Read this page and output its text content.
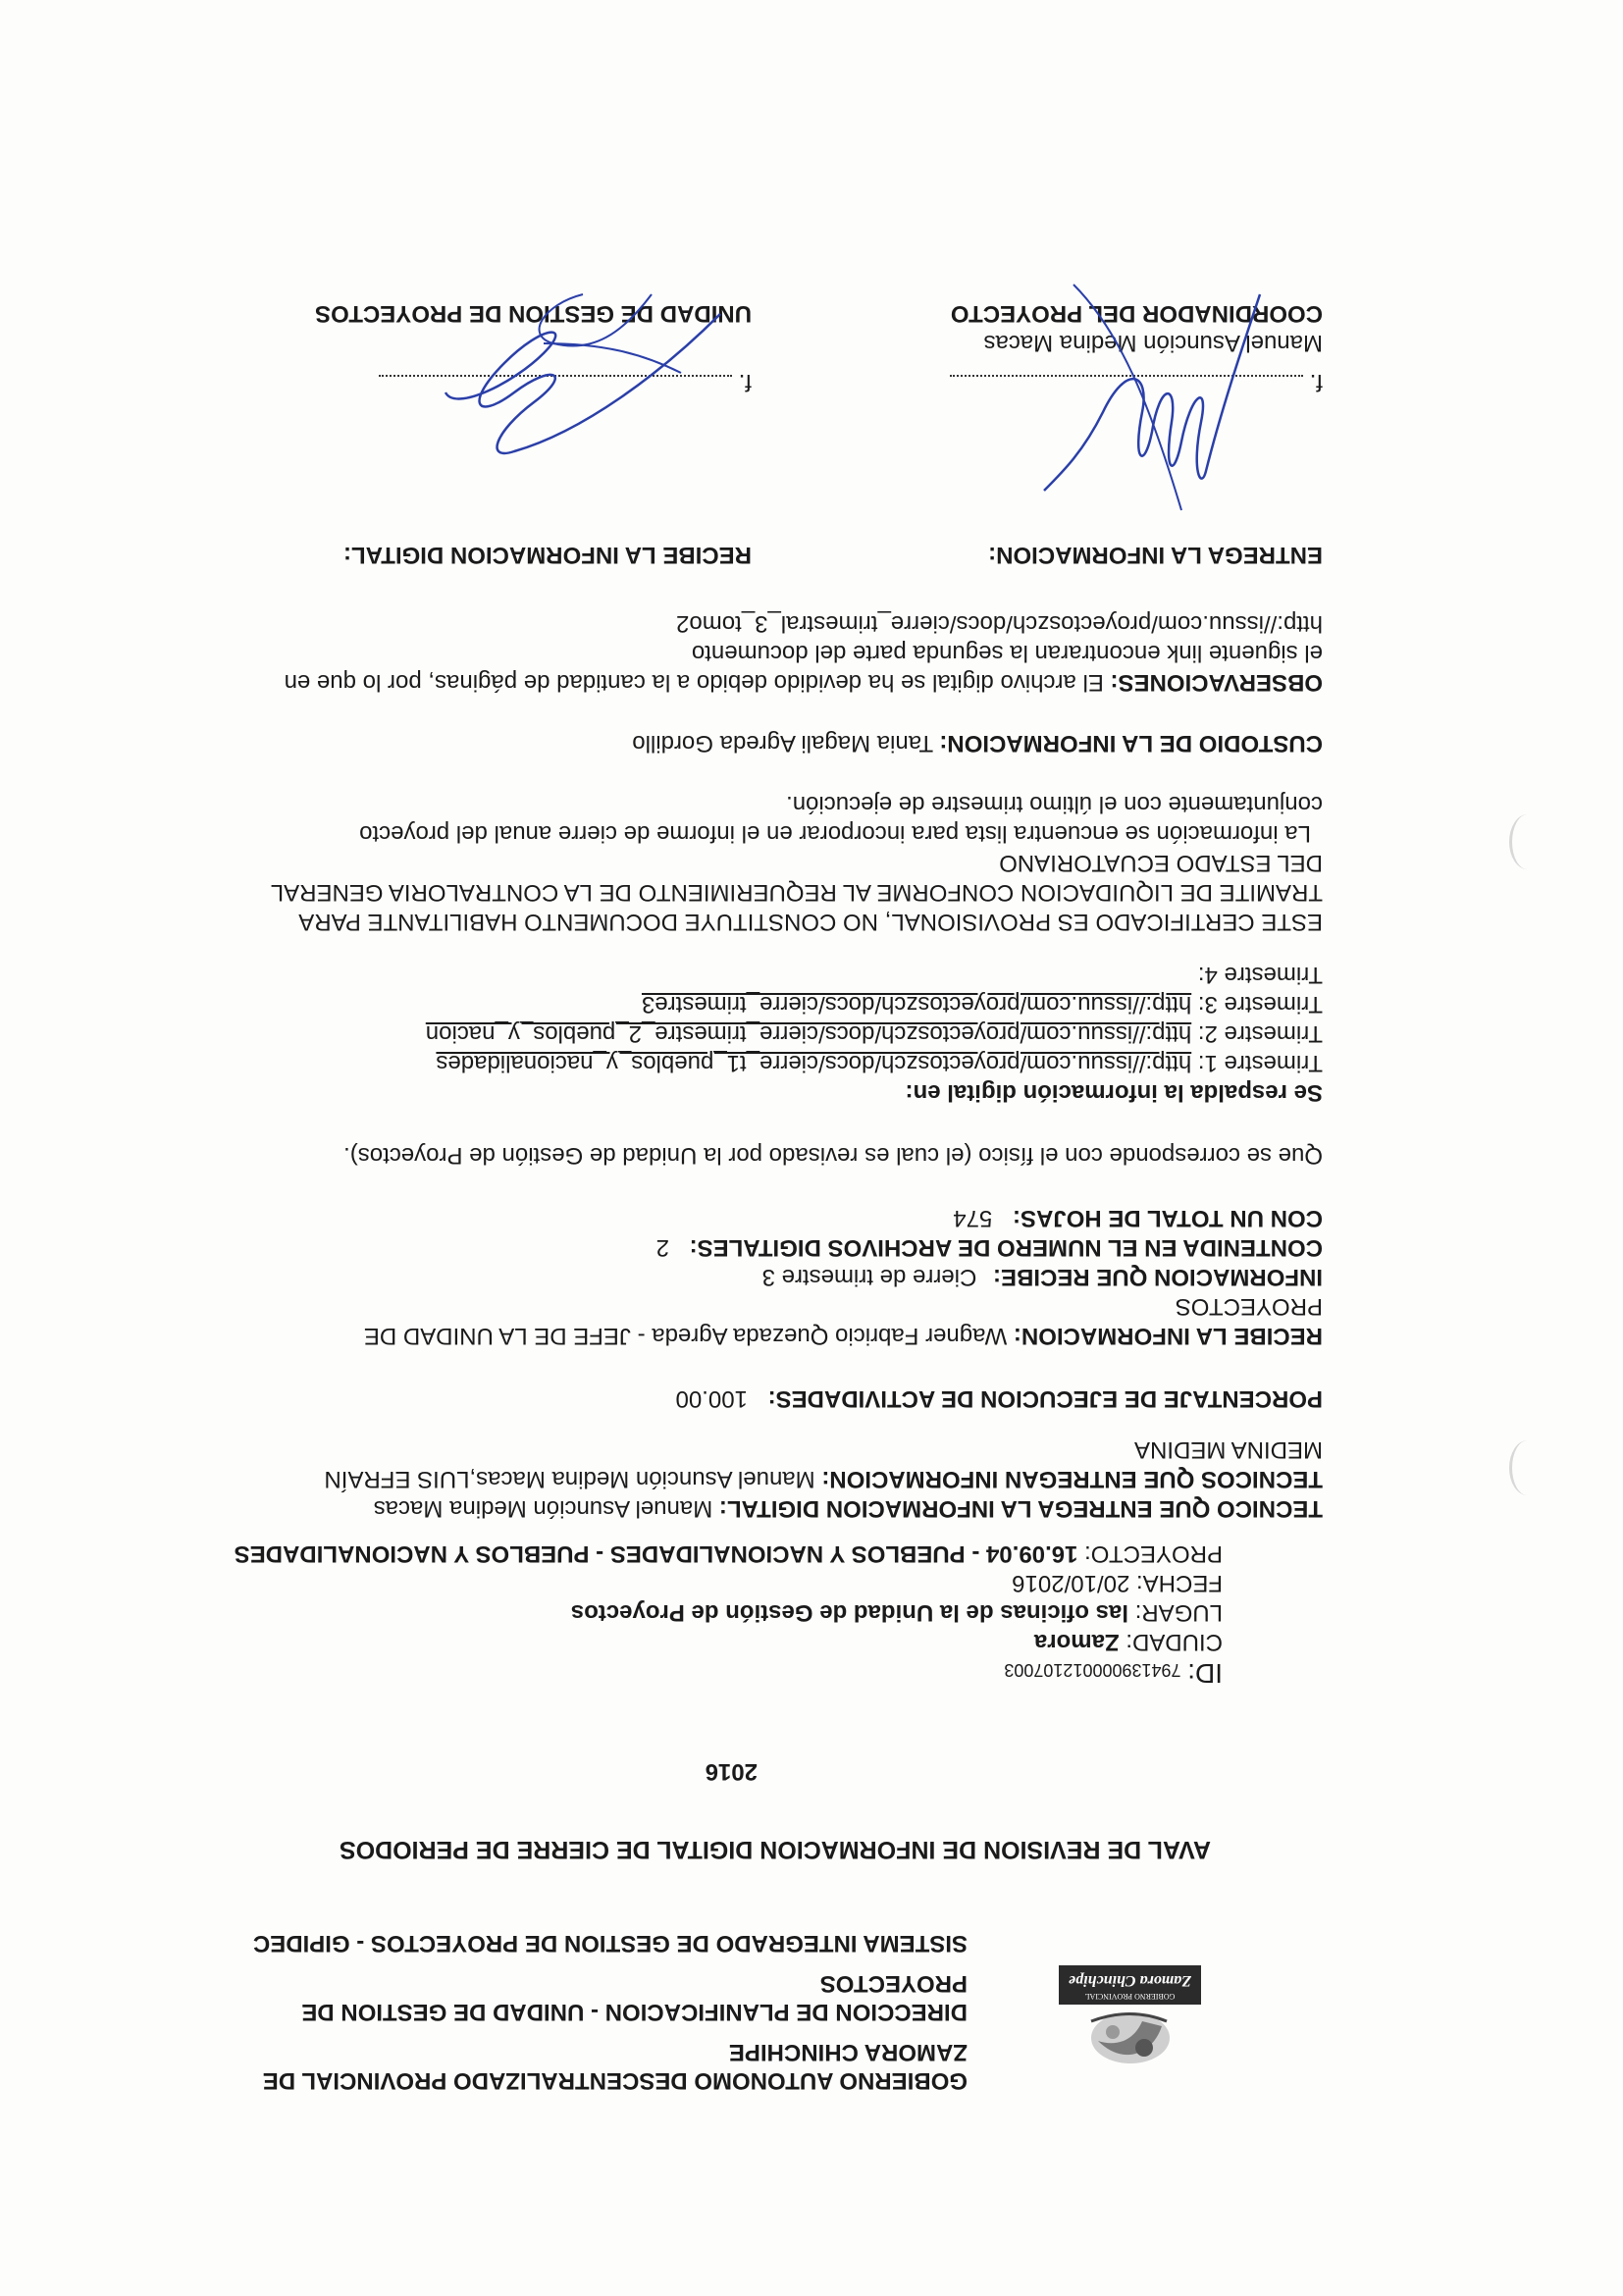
GOBIERNO PROVINCIAL
Zamora Chinchipe
GOBIERNO AUTONOMO DESCENTRALIZADO PROVINCIAL DE
ZAMORA CHINCHIPE
DIRECCION DE PLANIFICACION - UNIDAD DE GESTION DE
PROYECTOS
SISTEMA INTEGRADO DE GESTION DE PROYECTOS - GIPIDEC
AVAL DE REVISION DE INFORMACION DIGITAL DE CIERRE DE PERIODOS
2016
ID: 79413900001210​7003
CIUDAD: Zamora
LUGAR: las oficinas de la Unidad de Gestión de Proyectos
FECHA: 20/10/2016
PROYECTO: 16.09.04 - PUEBLOS Y NACIONALIDADES - PUEBLOS Y NACIONALIDADES
TECNICO QUE ENTREGA LA INFORMACION DIGITAL: Manuel Asunción Medina Macas
TECNICOS QUE ENTREGAN INFORMACION: Manuel Asunción Medina Macas,LUIS EFRAÍN
MEDINA MEDINA
PORCENTAJE DE EJECUCION DE ACTIVIDADES: 100.00
RECIBE LA INFORMACION: Wagner Fabricio Quezada Agreda - JEFE DE LA UNIDAD DE
PROYECTOS
INFORMACION QUE RECIBE: Cierre de trimestre 3
CONTENIDA EN EL NUMERO DE ARCHIVOS DIGITALES: 2
CON UN TOTAL DE HOJAS: 574
Que se corresponde con el físico (el cual es revisado por la Unidad de Gestión de Proyectos).
Se respalda la información digital en:
Trimestre 1: http://issuu.com/proyectoszch/docs/cierre_t1_pueblos_y_nacionalidades
Trimestre 2: http://issuu.com/proyectoszch/docs/cierre_trimestre_2_pueblos_y_nacion
Trimestre 3: http://issuu.com/proyectoszch/docs/cierre_trimestre3
Trimestre 4:
ESTE CERTIFICADO ES PROVISIONAL, NO CONSTITUYE DOCUMENTO HABILITANTE PARA
TRAMITE DE LIQUIDACION CONFORME AL REQUERIMIENTO DE LA CONTRALORIA GENERAL
DEL ESTADO ECUATORIANO
La información se encuentra lista para incorporar en el informe de cierre anual del proyecto
conjuntamente con el último trimestre de ejecución.
CUSTODIO DE LA INFORMACION: Tania Magali Agreda Gordillo
OBSERVACIONES: El archivo digital se ha devidido debido a la cantidad de páginas, por lo que en
el siguente link encontraran la segunda parte del documento
http://issuu.com/proyectoszch/docs/cierre_trimestral_3_tomo2
ENTREGA LA INFORMACION:
RECIBE LA INFORMACION DIGITAL:
f.
f.
Manuel Asunción Medina Macas
COORDINADOR DEL PROYECTO
UNIDAD DE GESTION DE PROYECTOS
